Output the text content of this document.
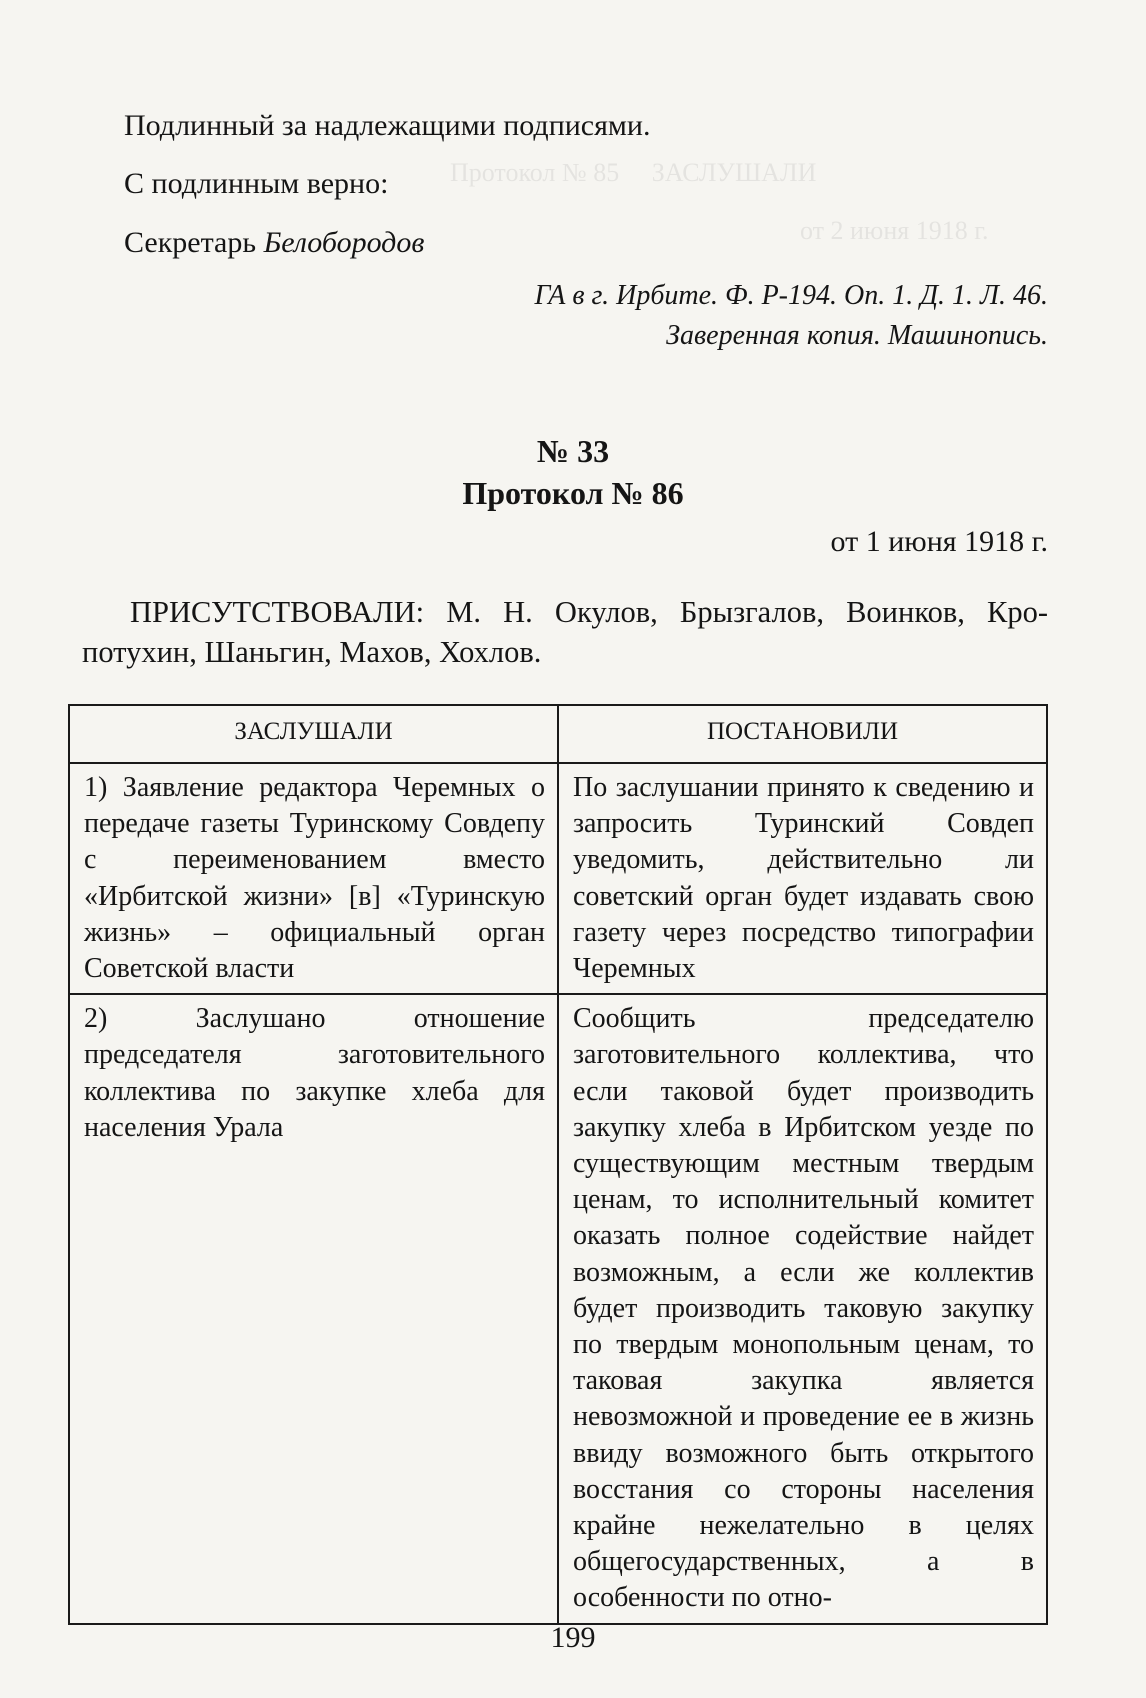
Протокол № 85     ЗАСЛУШАЛИ
от 2 июня 1918 г.
Подлинный за надлежащими подписями.
С подлинным верно:
Секретарь Белобородов
ГА в г. Ирбите. Ф. Р-194. Оп. 1. Д. 1. Л. 46.
Заверенная копия. Машинопись.
№ 33
Протокол № 86
от 1 июня 1918 г.

ПРИСУТСТВОВАЛИ: М. Н. Окулов, Брызгалов, Воинков, Кро-

потухин, Шаньгин, Махов, Хохлов.

ЗАСЛУШАЛИ	ПОСТАНОВИЛИ
1) Заявление редактора Черемных о передаче газеты Туринскому Совдепу с переименованием вместо «Ирбитской жизни» [в] «Туринскую жизнь» – официальный орган Советской власти	По заслушании принято к сведению и запросить Туринский Совдеп уведомить, действительно ли советский орган будет издавать свою газету через посредство типографии Черемных
2) Заслушано отношение председателя заготовительного коллектива по закупке хлеба для населения Урала	Сообщить председателю заготовительного коллектива, что если таковой будет производить закупку хлеба в Ирбитском уезде по существующим местным твердым ценам, то исполнительный комитет оказать полное содействие найдет возможным, а если же коллектив будет производить таковую закупку по твердым монопольным ценам, то таковая закупка является невозможной и проведение ее в жизнь ввиду возможного быть открытого восстания со стороны населения крайне нежелательно в целях общегосударственных, а в особенности по отно-
199
